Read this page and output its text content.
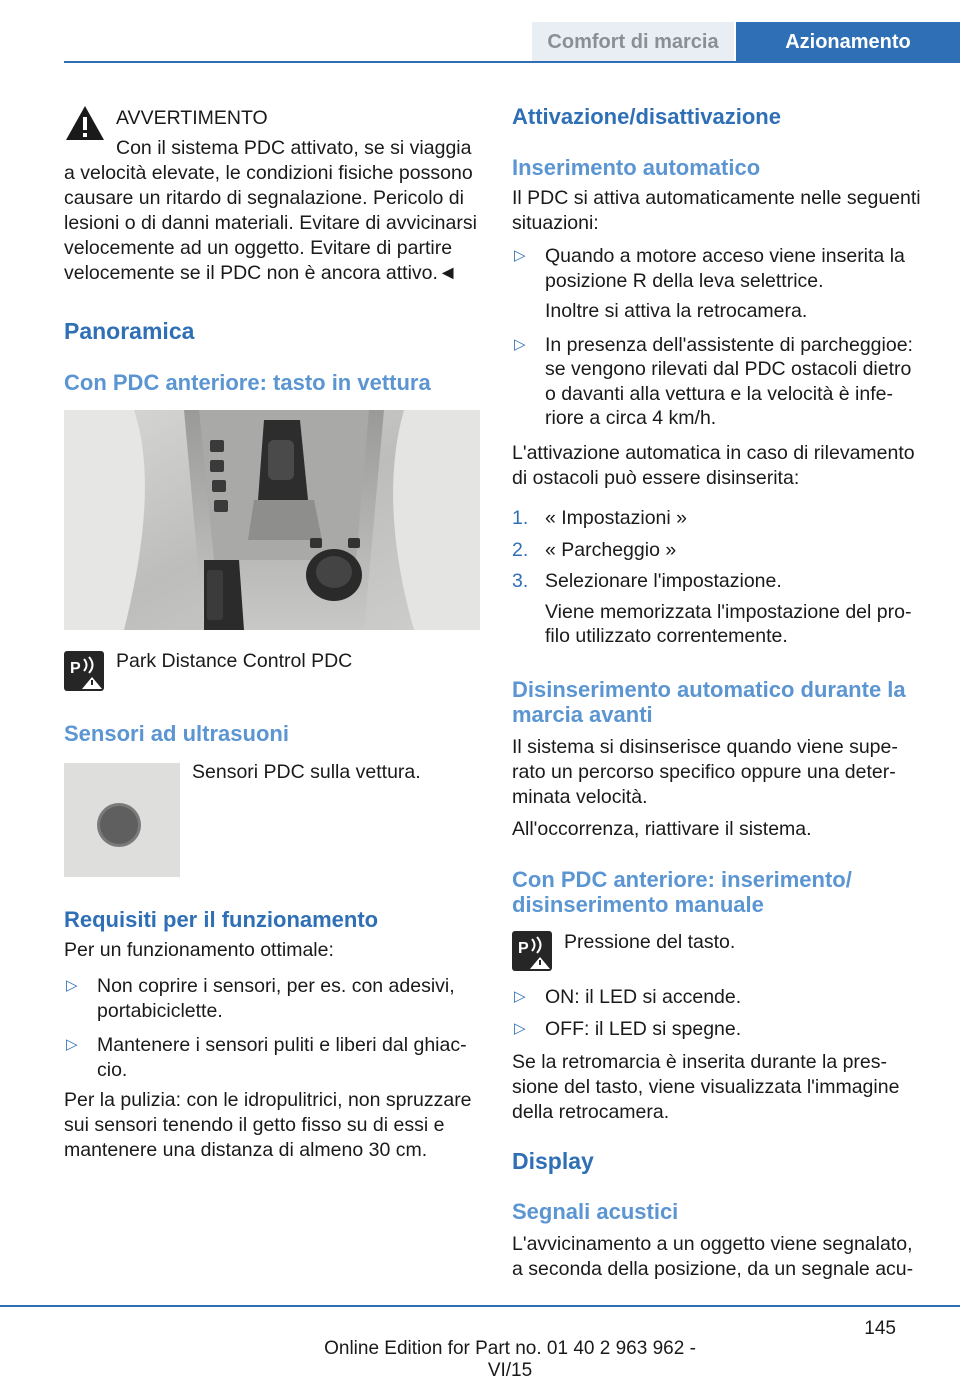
Comfort di marcia	Azionamento
AVVERTIMENTO
Con il sistema PDC attivato, se si viaggia
a velocità elevate, le condizioni fisiche possono
causare un ritardo di segnalazione. Pericolo di
lesioni o di danni materiali. Evitare di avvicinarsi
velocemente ad un oggetto. Evitare di partire
velocemente se il PDC non è ancora attivo.◄
Panoramica
Con PDC anteriore: tasto in vettura
P Park Distance Control PDC
Sensori ad ultrasuoni
Sensori PDC sulla vettura.
Requisiti per il funzionamento
Per un funzionamento ottimale:
▷ Non coprire i sensori, per es. con adesivi,
portabiciclette.
▷ Mantenere i sensori puliti e liberi dal ghiac-
cio.
Per la pulizia: con le idropulitrici, non spruzzare
sui sensori tenendo il getto fisso su di essi e
mantenere una distanza di almeno 30 cm.
Attivazione/disattivazione
Inserimento automatico
Il PDC si attiva automaticamente nelle seguenti
situazioni:
▷ Quando a motore acceso viene inserita la
posizione R della leva selettrice.
Inoltre si attiva la retrocamera.
▷ In presenza dell'assistente di parcheggioe:
se vengono rilevati dal PDC ostacoli dietro
o davanti alla vettura e la velocità è infe-
riore a circa 4 km/h.
L'attivazione automatica in caso di rilevamento
di ostacoli può essere disinserita:
1. « Impostazioni »
2. « Parcheggio »
3. Selezionare l'impostazione.
Viene memorizzata l'impostazione del pro-
filo utilizzato correntemente.
Disinserimento automatico durante la
marcia avanti
Il sistema si disinserisce quando viene supe-
rato un percorso specifico oppure una deter-
minata velocità.
All'occorrenza, riattivare il sistema.
Con PDC anteriore: inserimento/
disinserimento manuale
P Pressione del tasto.
▷ ON: il LED si accende.
▷ OFF: il LED si spegne.
Se la retromarcia è inserita durante la pres-
sione del tasto, viene visualizzata l'immagine
della retrocamera.
Display
Segnali acustici
L'avvicinamento a un oggetto viene segnalato,
a seconda della posizione, da un segnale acu-
145
Online Edition for Part no. 01 40 2 963 962 - VI/15
